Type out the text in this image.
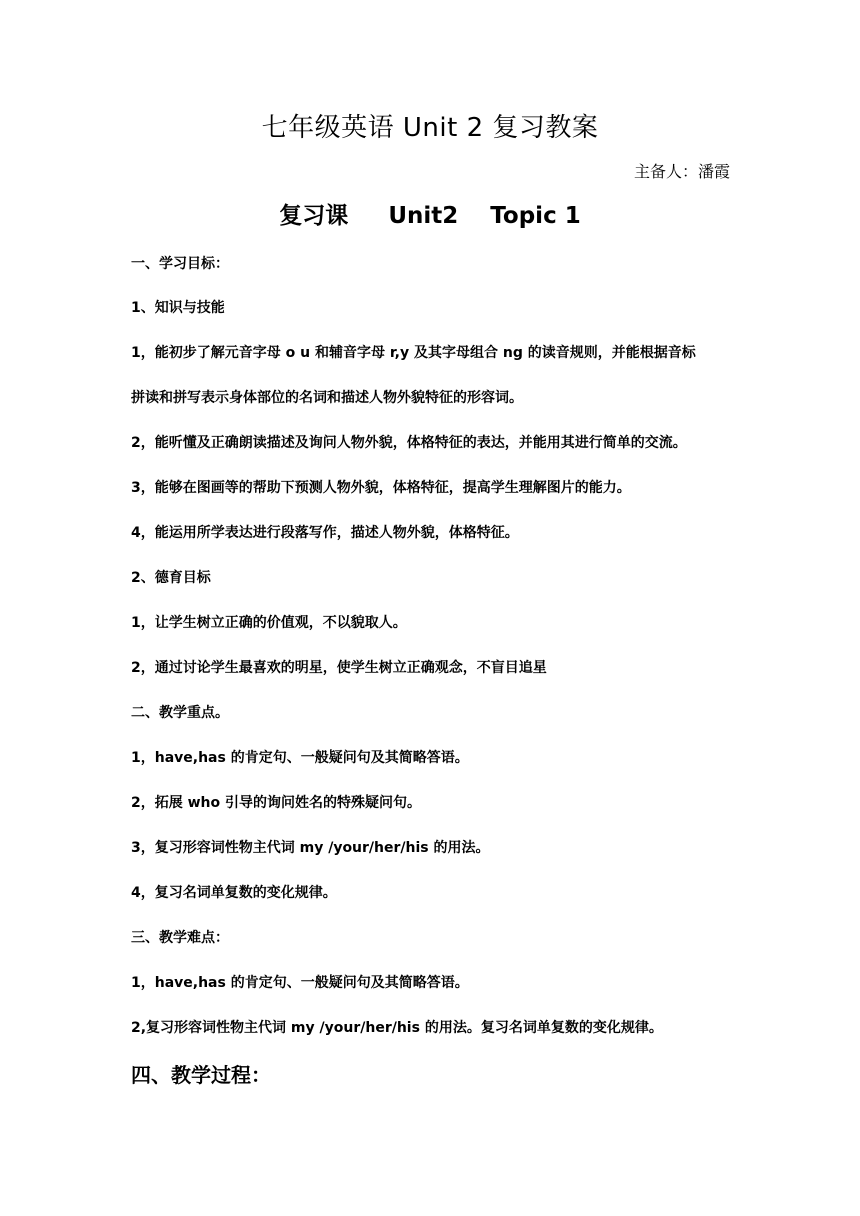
七年级英语 Unit 2 复习教案
主备人：潘霞
复习课     Unit2    Topic 1
一、学习目标：
1、知识与技能
1，能初步了解元音字母 o u 和辅音字母 r,y 及其字母组合 ng 的读音规则，并能根据音标
拼读和拼写表示身体部位的名词和描述人物外貌特征的形容词。
2，能听懂及正确朗读描述及询问人物外貌，体格特征的表达，并能用其进行简单的交流。
3，能够在图画等的帮助下预测人物外貌，体格特征，提高学生理解图片的能力。
4，能运用所学表达进行段落写作，描述人物外貌，体格特征。
2、德育目标
1，让学生树立正确的价值观，不以貌取人。
2，通过讨论学生最喜欢的明星，使学生树立正确观念，不盲目追星
二、教学重点。
1，have,has 的肯定句、一般疑问句及其简略答语。
2，拓展 who 引导的询问姓名的特殊疑问句。
3，复习形容词性物主代词 my /your/her/his 的用法。
4，复习名词单复数的变化规律。
三、教学难点：
1，have,has 的肯定句、一般疑问句及其简略答语。
2,复习形容词性物主代词 my /your/her/his 的用法。复习名词单复数的变化规律。
四、教学过程：
